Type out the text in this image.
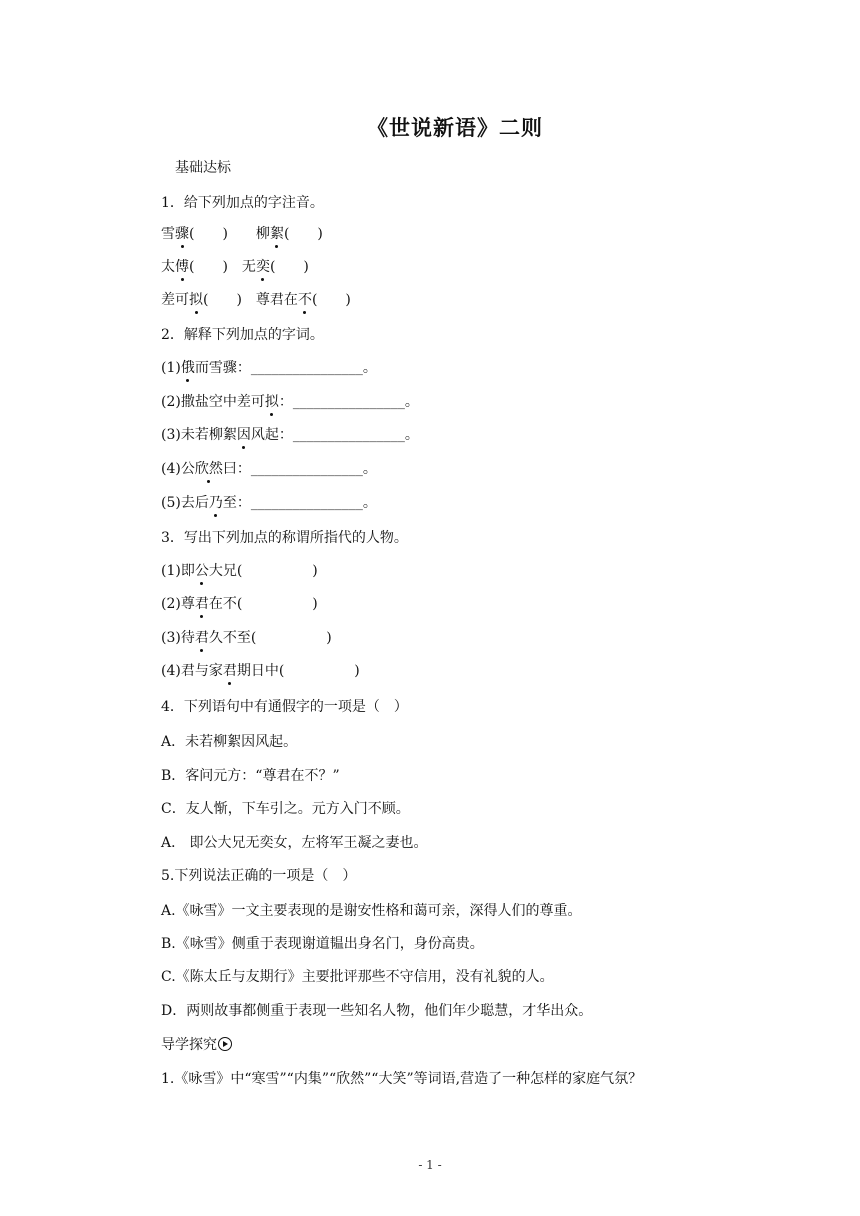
《世说新语》二则
基础达标
1．给下列加点的字注音。
雪骤(　　)　　柳絮(　　)
太傅(　　)　无奕(　　)
差可拟(　　)　尊君在不(　　)
2．解释下列加点的字词。
(1)俄而雪骤：________________。
(2)撒盐空中差可拟：________________。
(3)未若柳絮因风起：________________。
(4)公欣然曰：________________。
(5)去后乃至：________________。
3．写出下列加点的称谓所指代的人物。
(1)即公大兄(　　　　　)
(2)尊君在不(　　　　　)
(3)待君久不至(　　　　　)
(4)君与家君期日中(　　　　　)
4．下列语句中有通假字的一项是（　）
A．未若柳絮因风起。
B．客问元方：“尊君在不？”
C．友人惭，下车引之。元方入门不顾。
A． 即公大兄无奕女，左将军王凝之妻也。
5.下列说法正确的一项是（　）
A.《咏雪》一文主要表现的是谢安性格和蔼可亲，深得人们的尊重。
B.《咏雪》侧重于表现谢道韫出身名门，身份高贵。
C.《陈太丘与友期行》主要批评那些不守信用，没有礼貌的人。
D．两则故事都侧重于表现一些知名人物，他们年少聪慧，才华出众。
导学探究
1.《咏雪》中“寒雪”“内集”“欣然”“大笑”等词语,营造了一种怎样的家庭气氛？
- 1 -
